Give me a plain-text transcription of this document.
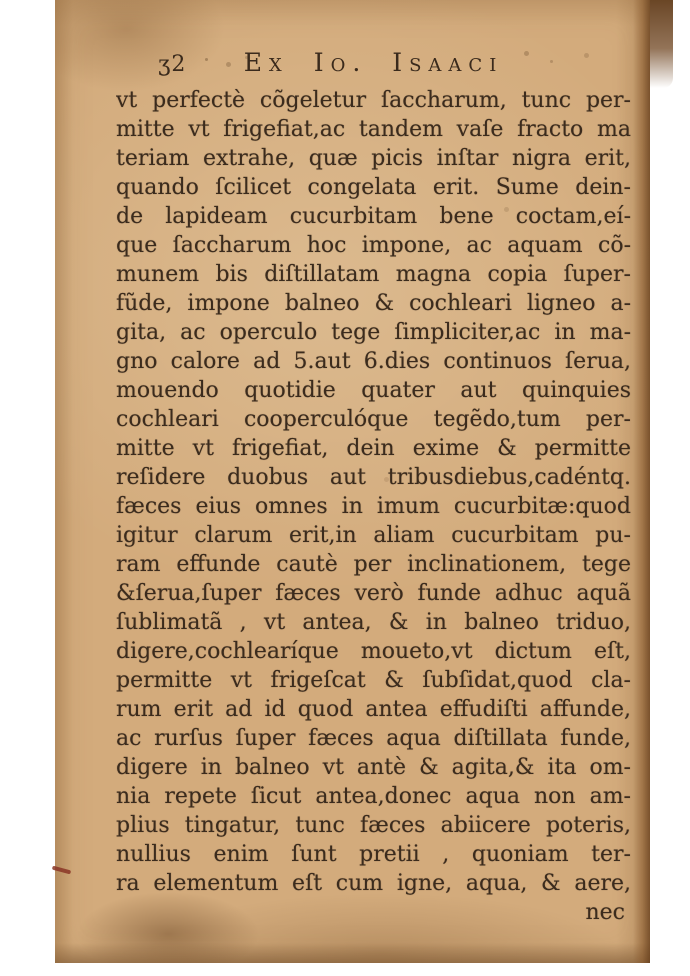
ʒ2	Ex Io. Isaaci
vt perfectè cõgeletur ſaccharum, tunc per-
mitte vt frigefiat,ac tandem vaſe fracto ma
teriam extrahe, quæ picis inſtar nigra erit,
quando ſcilicet congelata erit. Sume dein-
de lapideam cucurbitam bene coctam,eí-
que ſaccharum hoc impone, ac aquam cõ-
munem bis diſtillatam magna copia ſuper-
fũde, impone balneo & cochleari ligneo a-
gita, ac operculo tege ſimpliciter,ac in ma-
gno calore ad 5.aut 6.dies continuos ſerua,
mouendo quotidie quater aut quinquies
cochleari cooperculóque tegẽdo,tum per-
mitte vt frigefiat, dein exime & permitte
reſidere duobus aut tribusdiebus,cadéntq.
fæces eius omnes in imum cucurbitæ:quod
igitur clarum erit,in aliam cucurbitam pu-
ram effunde cautè per inclinationem, tege
&ſerua,ſuper fæces verò funde adhuc aquã
ſublimatã , vt antea, & in balneo triduo,
digere,cochlearíque moueto,vt dictum eſt,
permitte vt frigeſcat & ſubſidat,quod cla-
rum erit ad id quod antea effudiſti affunde,
ac rurſus ſuper fæces aqua diſtillata funde,
digere in balneo vt antè & agita,& ita om-
nia repete ſicut antea,donec aqua non am-
plius tingatur, tunc fæces abiicere poteris,
nullius enim ſunt pretii , quoniam ter-
ra elementum eſt cum igne, aqua, & aere,
nec
